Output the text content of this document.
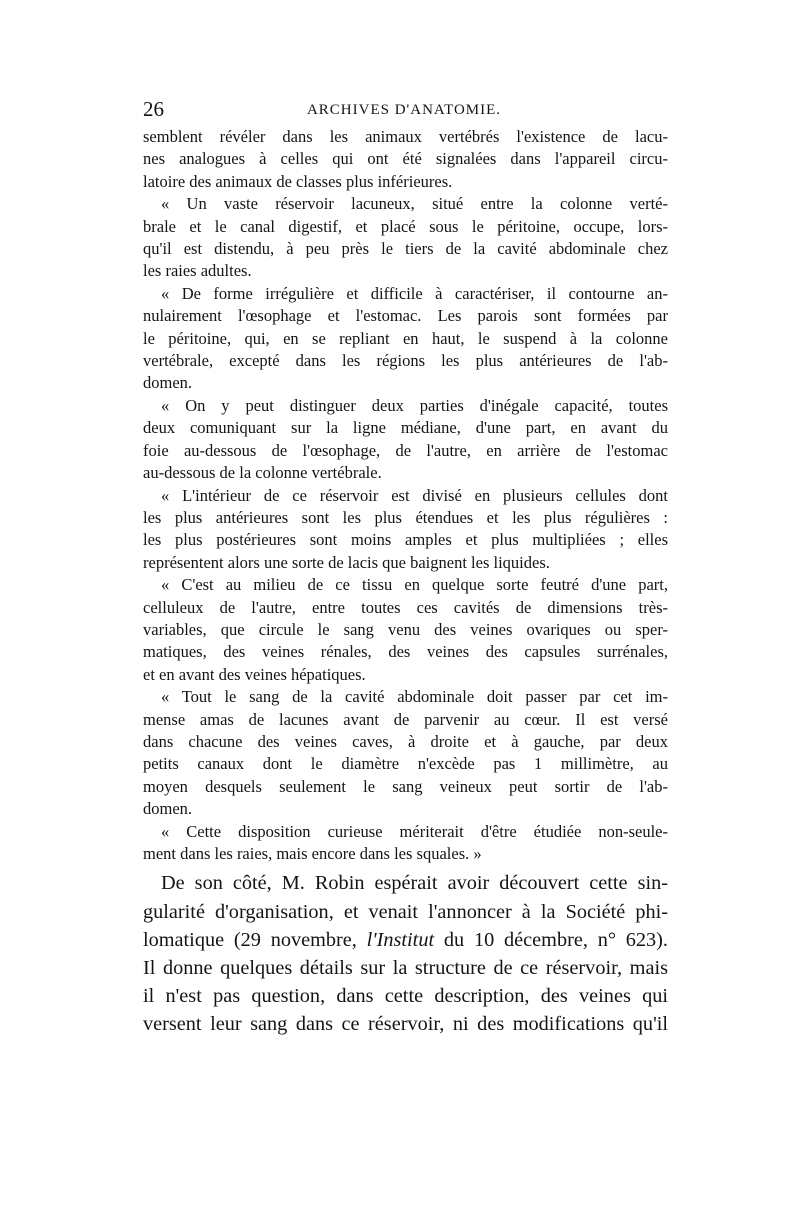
26	ARCHIVES D'ANATOMIE.

semblent révéler dans les animaux vertébrés l'existence de lacu-
nes analogues à celles qui ont été signalées dans l'appareil circu-
latoire des animaux de classes plus inférieures.

« Un vaste réservoir lacuneux, situé entre la colonne verté-
brale et le canal digestif, et placé sous le péritoine, occupe, lors-
qu'il est distendu, à peu près le tiers de la cavité abdominale chez
les raies adultes.

« De forme irrégulière et difficile à caractériser, il contourne an-
nulairement l'œsophage et l'estomac. Les parois sont formées par
le péritoine, qui, en se repliant en haut, le suspend à la colonne
vertébrale, excepté dans les régions les plus antérieures de l'ab-
domen.

« On y peut distinguer deux parties d'inégale capacité, toutes
deux comuniquant sur la ligne médiane, d'une part, en avant du
foie au-dessous de l'œsophage, de l'autre, en arrière de l'estomac
au-dessous de la colonne vertébrale.

« L'intérieur de ce réservoir est divisé en plusieurs cellules dont
les plus antérieures sont les plus étendues et les plus régulières :
les plus postérieures sont moins amples et plus multipliées ; elles
représentent alors une sorte de lacis que baignent les liquides.

« C'est au milieu de ce tissu en quelque sorte feutré d'une part,
celluleux de l'autre, entre toutes ces cavités de dimensions très-
variables, que circule le sang venu des veines ovariques ou sper-
matiques, des veines rénales, des veines des capsules surrénales,
et en avant des veines hépatiques.

« Tout le sang de la cavité abdominale doit passer par cet im-
mense amas de lacunes avant de parvenir au cœur. Il est versé
dans chacune des veines caves, à droite et à gauche, par deux
petits canaux dont le diamètre n'excède pas 1 millimètre, au
moyen desquels seulement le sang veineux peut sortir de l'ab-
domen.

« Cette disposition curieuse mériterait d'être étudiée non-seule-
ment dans les raies, mais encore dans les squales. »

De son côté, M. Robin espérait avoir découvert cette sin-
gularité d'organisation, et venait l'annoncer à la Société phi-
lomatique (29 novembre, l'Institut du 10 décembre, n° 623).
Il donne quelques détails sur la structure de ce réservoir, mais
il n'est pas question, dans cette description, des veines qui
versent leur sang dans ce réservoir, ni des modifications qu'il
